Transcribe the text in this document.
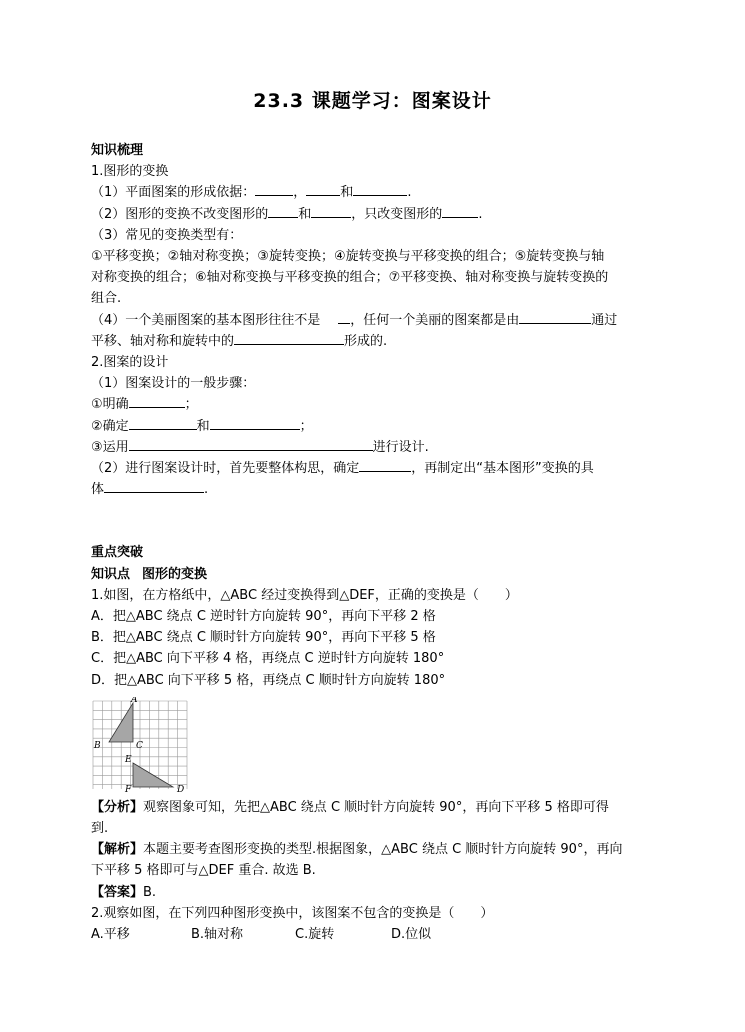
23.3 课题学习：图案设计
知识梳理
1.图形的变换
（1）平面图案的形成依据：	，	和	.
（2）图形的变换不改变图形的 和	，只改变图形的	.
（3）常见的变换类型有：
①平移变换；②轴对称变换；③旋转变换；④旋转变换与平移变换的组合；⑤旋转变换与轴
对称变换的组合；⑥轴对称变换与平移变换的组合；⑦平移变换、轴对称变换与旋转变换的
组合.
（4）一个美丽图案的基本图形往往不是 ，任何一个美丽的图案都是由	通过
平移、轴对称和旋转中的	形成的.
2.图案的设计
（1）图案设计的一般步骤：
①明确	；
②确定	和	；
③运用	进行设计.
（2）进行图案设计时，首先要整体构思，确定	，再制定出“基本图形”变换的具
体	.
重点突破
知识点 图形的变换
1.如图，在方格纸中，△ABC 经过变换得到△DEF，正确的变换是（　　）
A．把△ABC 绕点 C 逆时针方向旋转 90°，再向下平移 2 格
B．把△ABC 绕点 C 顺时针方向旋转 90°，再向下平移 5 格
C．把△ABC 向下平移 4 格，再绕点 C 逆时针方向旋转 180°
D．把△ABC 向下平移 5 格，再绕点 C 顺时针方向旋转 180°
A
B	C
E
F	D
【分析】观察图象可知，先把△ABC 绕点 C 顺时针方向旋转 90°，再向下平移 5 格即可得
到.
【解析】本题主要考查图形变换的类型.根据图象，△ABC 绕点 C 顺时针方向旋转 90°，再向
下平移 5 格即可与△DEF 重合. 故选 B.
【答案】B.
2.观察如图，在下列四种图形变换中，该图案不包含的变换是（　　）
A.平移	B.轴对称	C.旋转	D.位似
